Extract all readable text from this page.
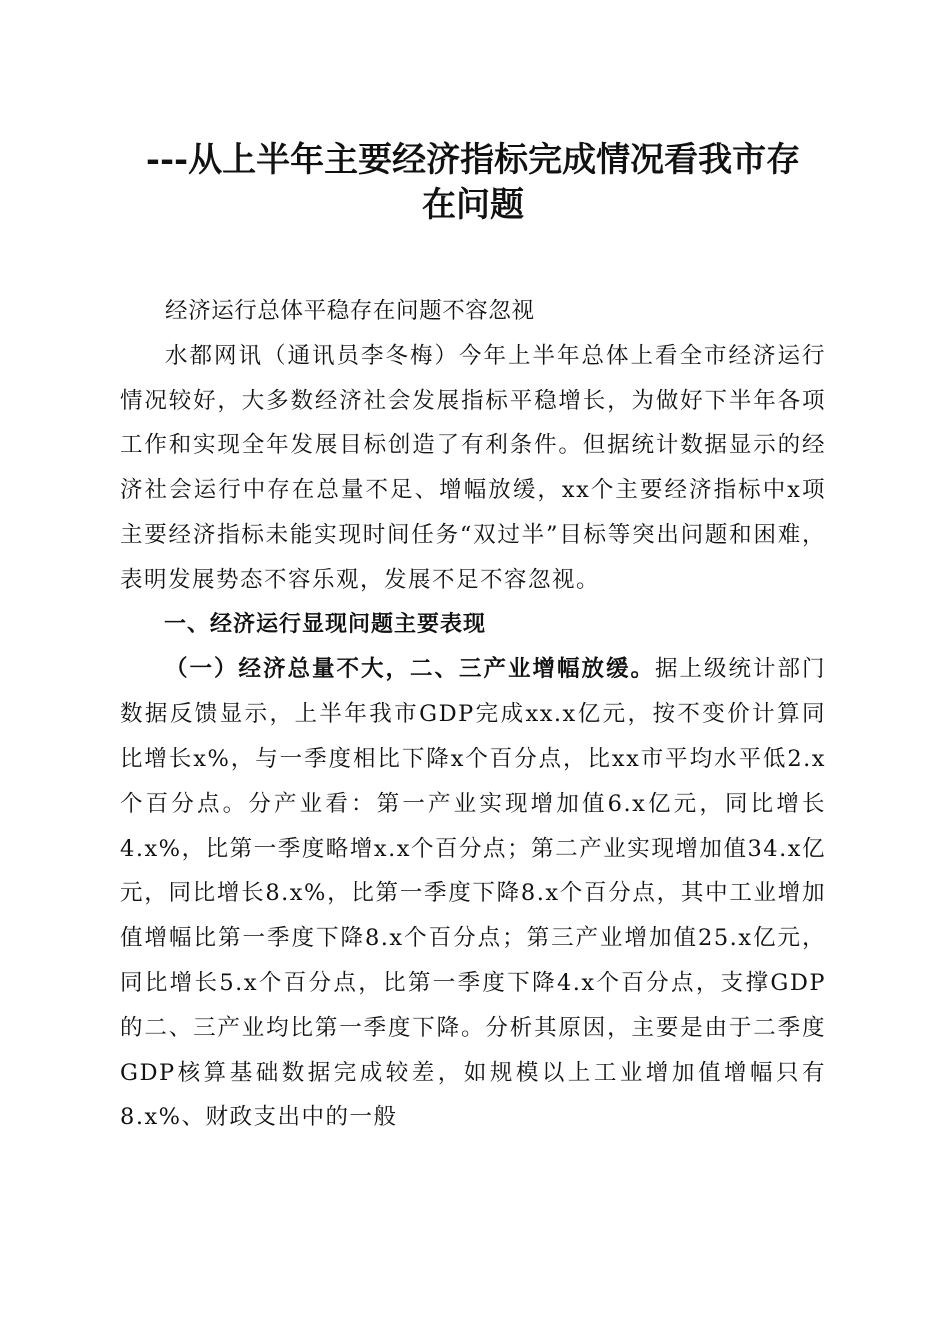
---从上半年主要经济指标完成情况看我市存
在问题

经济运行总体平稳存在问题不容忽视

水都网讯（通讯员李冬梅）今年上半年总体上看全市经济运行情况较好，大多数经济社会发展指标平稳增长，为做好下半年各项工作和实现全年发展目标创造了有利条件。但据统计数据显示的经济社会运行中存在总量不足、增幅放缓，xx个主要经济指标中x项主要经济指标未能实现时间任务“双过半”目标等突出问题和困难，表明发展势态不容乐观，发展不足不容忽视。

一、经济运行显现问题主要表现

（一）经济总量不大，二、三产业增幅放缓。据上级统计部门数据反馈显示，上半年我市GDP完成xx.x亿元，按不变价计算同比增长x%，与一季度相比下降x个百分点，比xx市平均水平低2.x个百分点。分产业看：第一产业实现增加值6.x亿元，同比增长4.x%，比第一季度略增x.x个百分点；第二产业实现增加值34.x亿元，同比增长8.x%，比第一季度下降8.x个百分点，其中工业增加值增幅比第一季度下降8.x个百分点；第三产业增加值25.x亿元，同比增长5.x个百分点，比第一季度下降4.x个百分点，支撑GDP的二、三产业均比第一季度下降。分析其原因，主要是由于二季度GDP核算基础数据完成较差，如规模以上工业增加值增幅只有8.x%、财政支出中的一般
